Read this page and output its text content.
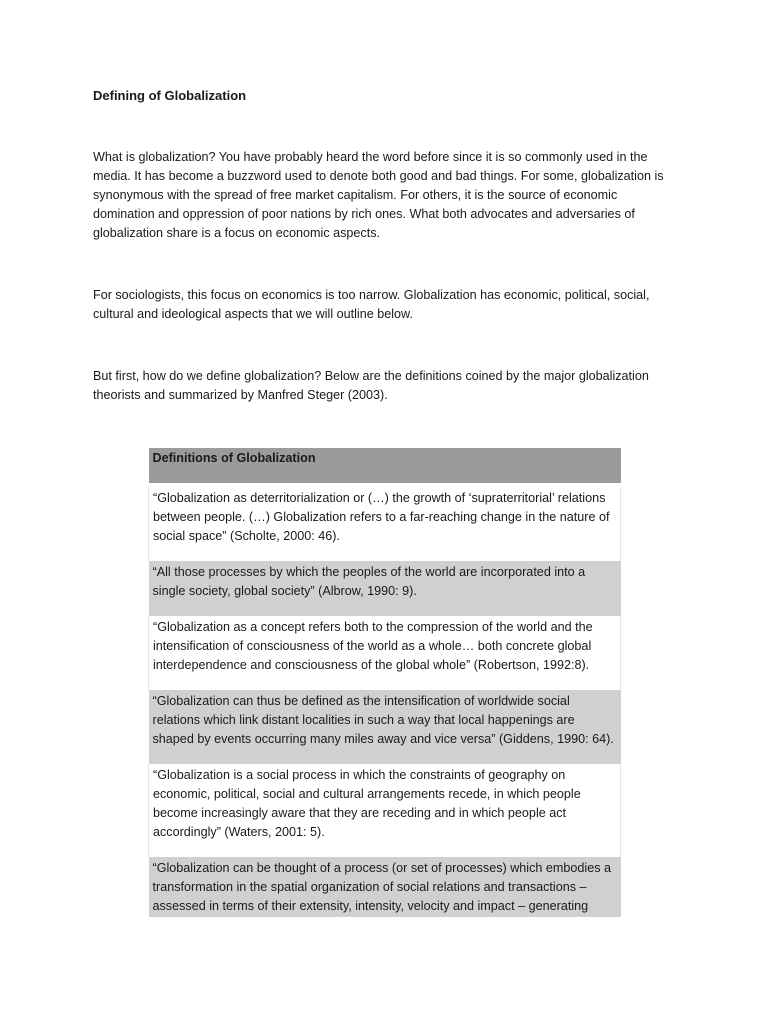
Defining of Globalization

What is globalization? You have probably heard the word before since it is so commonly used in the media. It has become a buzzword used to denote both good and bad things. For some, globalization is synonymous with the spread of free market capitalism. For others, it is the source of economic domination and oppression of poor nations by rich ones. What both advocates and adversaries of globalization share is a focus on economic aspects.

For sociologists, this focus on economics is too narrow. Globalization has economic, political, social, cultural and ideological aspects that we will outline below.

But first, how do we define globalization? Below are the definitions coined by the major globalization theorists and summarized by Manfred Steger (2003).

Definitions of Globalization

“Globalization as deterritorialization or (…) the growth of ‘supraterritorial’ relations between people. (…) Globalization refers to a far-reaching change in the nature of social space” (Scholte, 2000: 46).
“All those processes by which the peoples of the world are incorporated into a single society, global society” (Albrow, 1990: 9).
“Globalization as a concept refers both to the compression of the world and the intensification of consciousness of the world as a whole… both concrete global interdependence and consciousness of the global whole” (Robertson, 1992:8).
“Globalization can thus be defined as the intensification of worldwide social relations which link distant localities in such a way that local happenings are shaped by events occurring many miles away and vice versa” (Giddens, 1990: 64).
“Globalization is a social process in which the constraints of geography on economic, political, social and cultural arrangements recede, in which people become increasingly aware that they are receding and in which people act accordingly” (Waters, 2001: 5).
“Globalization can be thought of a process (or set of processes) which embodies a transformation in the spatial organization of social relations and transactions – assessed in terms of their extensity, intensity, velocity and impact – generating
